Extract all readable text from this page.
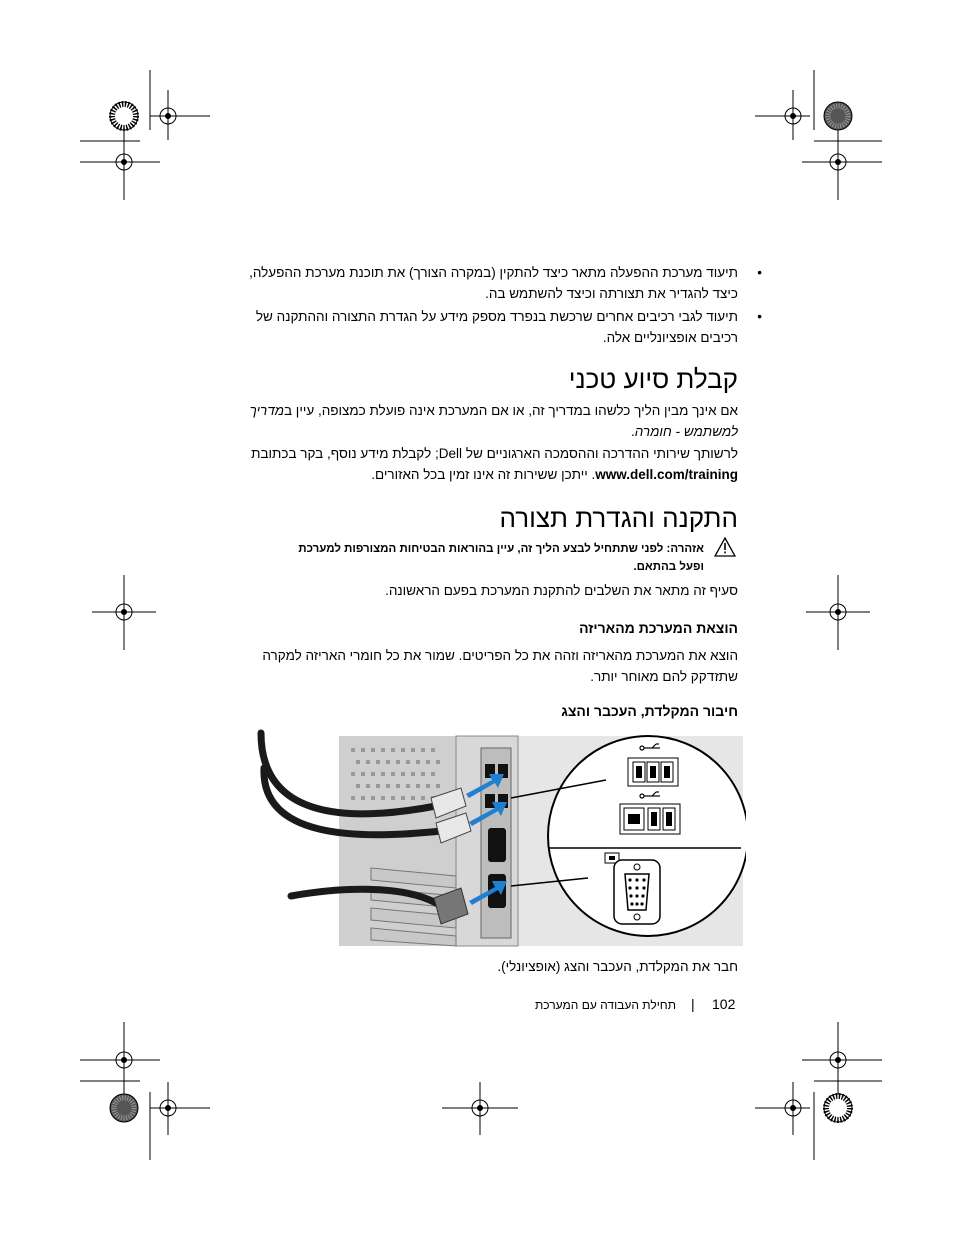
•
תיעוד מערכת ההפעלה מתאר כיצד להתקין (במקרה הצורך) את תוכנת מערכת ההפעלה, כיצד להגדיר את תצורתה וכיצד להשתמש בה.
•
תיעוד לגבי רכיבים אחרים שרכשת בנפרד מספק מידע על הגדרת התצורה וההתקנה של רכיבים אופציונליים אלה.
קבלת סיוע טכני
אם אינך מבין הליך כלשהו במדריך זה, או אם המערכת אינה פועלת כמצופה, עיין במדריך למשתמש - חומרה.
לרשותך שירותי ההדרכה וההסמכה הארגוניים של Dell; לקבלת מידע נוסף, בקר בכתובת www.dell.com/training. ייתכן ששירות זה אינו זמין בכל האזורים.
התקנה והגדרת תצורה
אזהרה: לפני שתתחיל לבצע הליך זה, עיין בהוראות הבטיחות המצורפות למערכת
ופעל בהתאם.
סעיף זה מתאר את השלבים להתקנת המערכת בפעם הראשונה.
הוצאת המערכת מהאריזה
הוצא את המערכת מהאריזה וזהה את כל הפריטים. שמור את כל חומרי האריזה למקרה שתזדקק להם מאוחר יותר.
חיבור המקלדת, העכבר והצג
חבר את המקלדת, העכבר והצג (אופציונלי).
102
|
תחילת העבודה עם המערכת
